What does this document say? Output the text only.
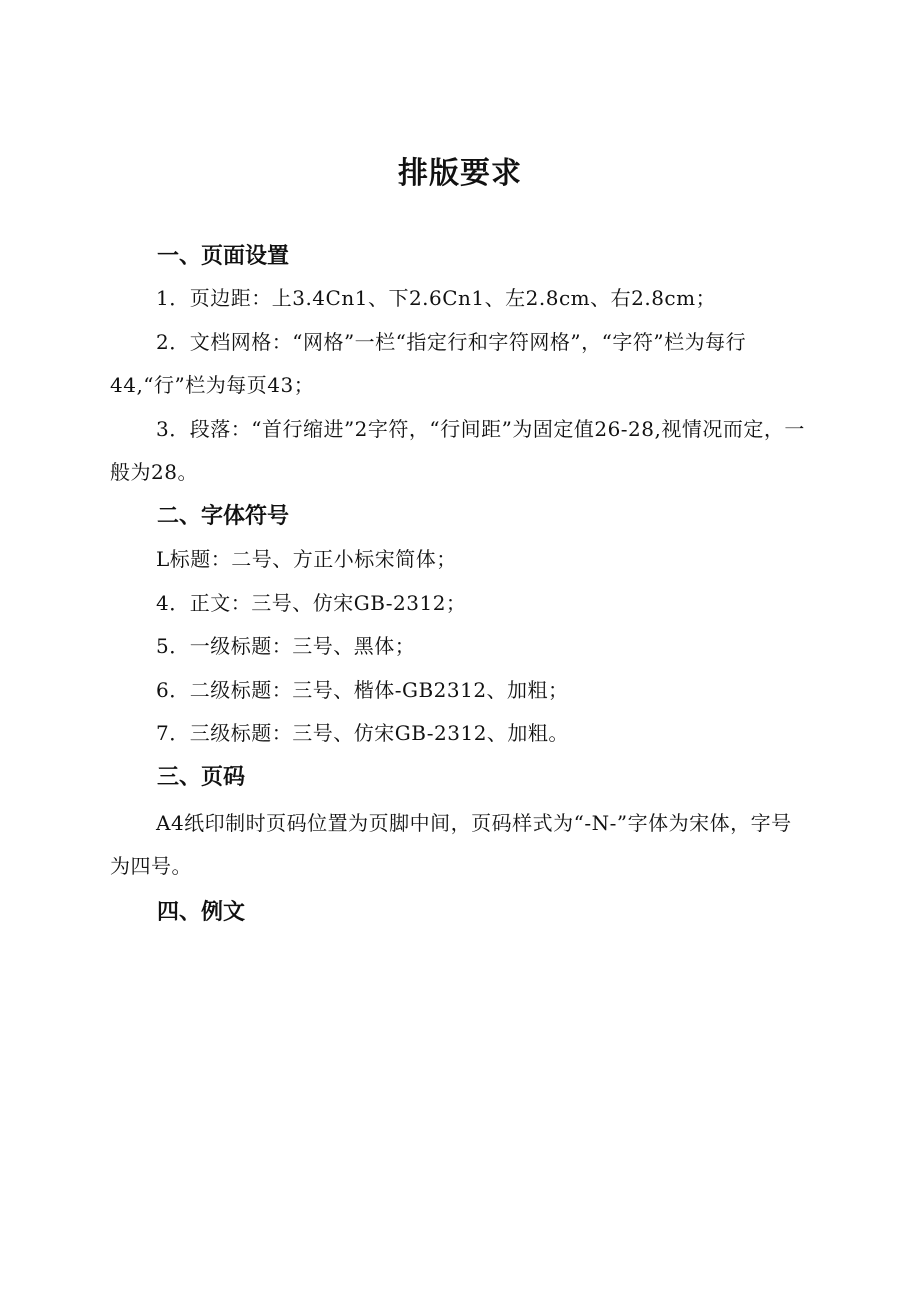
排版要求
一、页面设置
1．页边距：上3.4Cn1、下2.6Cn1、左2.8cm、右2.8cm；
2．文档网格：“网格”一栏“指定行和字符网格”，“字符”栏为每行44,“行”栏为每页43；
3．段落：“首行缩进”2字符，“行间距”为固定值26-28,视情况而定，一般为28。
二、字体符号
L标题：二号、方正小标宋简体；
4．正文：三号、仿宋GB-2312；
5．一级标题：三号、黑体；
6．二级标题：三号、楷体-GB2312、加粗；
7．三级标题：三号、仿宋GB-2312、加粗。
三、页码
A4纸印制时页码位置为页脚中间，页码样式为“-N-”字体为宋体，字号为四号。
四、例文
